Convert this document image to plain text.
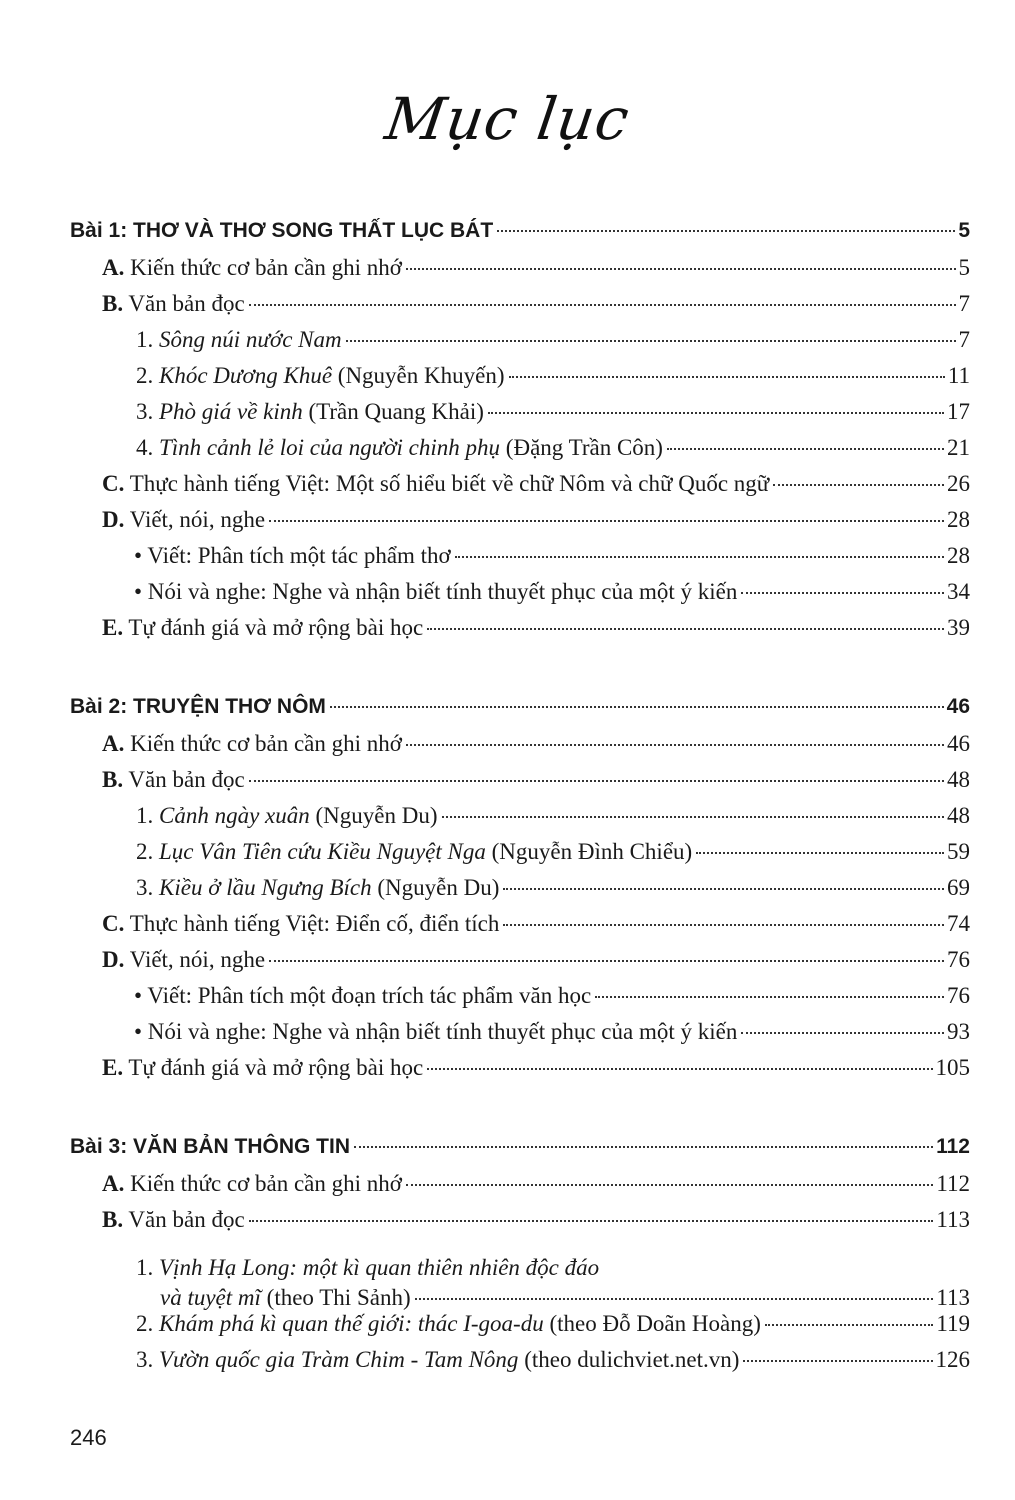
Mục lục
Bài 1: THƠ VÀ THƠ SONG THẤT LỤC BÁT	5
A. Kiến thức cơ bản cần ghi nhớ	5
B. Văn bản đọc	7
1. Sông núi nước Nam	7
2. Khóc Dương Khuê (Nguyễn Khuyến)	11
3. Phò giá về kinh (Trần Quang Khải)	17
4. Tình cảnh lẻ loi của người chinh phụ (Đặng Trần Côn)	21
C. Thực hành tiếng Việt: Một số hiểu biết về chữ Nôm và chữ Quốc ngữ	26
D. Viết, nói, nghe	28
• Viết: Phân tích một tác phẩm thơ	28
• Nói và nghe: Nghe và nhận biết tính thuyết phục của một ý kiến	34
E. Tự đánh giá và mở rộng bài học	39
Bài 2: TRUYỆN THƠ NÔM	46
A. Kiến thức cơ bản cần ghi nhớ	46
B. Văn bản đọc	48
1. Cảnh ngày xuân (Nguyễn Du)	48
2. Lục Vân Tiên cứu Kiều Nguyệt Nga (Nguyễn Đình Chiểu)	59
3. Kiều ở lầu Ngưng Bích (Nguyễn Du)	69
C. Thực hành tiếng Việt: Điển cố, điển tích	74
D. Viết, nói, nghe	76
• Viết: Phân tích một đoạn trích tác phẩm văn học	76
• Nói và nghe: Nghe và nhận biết tính thuyết phục của một ý kiến	93
E. Tự đánh giá và mở rộng bài học	105
Bài 3: VĂN BẢN THÔNG TIN	112
A. Kiến thức cơ bản cần ghi nhớ	112
B. Văn bản đọc	113
1. Vịnh Hạ Long: một kì quan thiên nhiên độc đáo
và tuyệt mĩ (theo Thi Sảnh)	113
2. Khám phá kì quan thế giới: thác I-goa-du (theo Đỗ Doãn Hoàng)	119
3. Vườn quốc gia Tràm Chim - Tam Nông (theo dulichviet.net.vn)	126
246
